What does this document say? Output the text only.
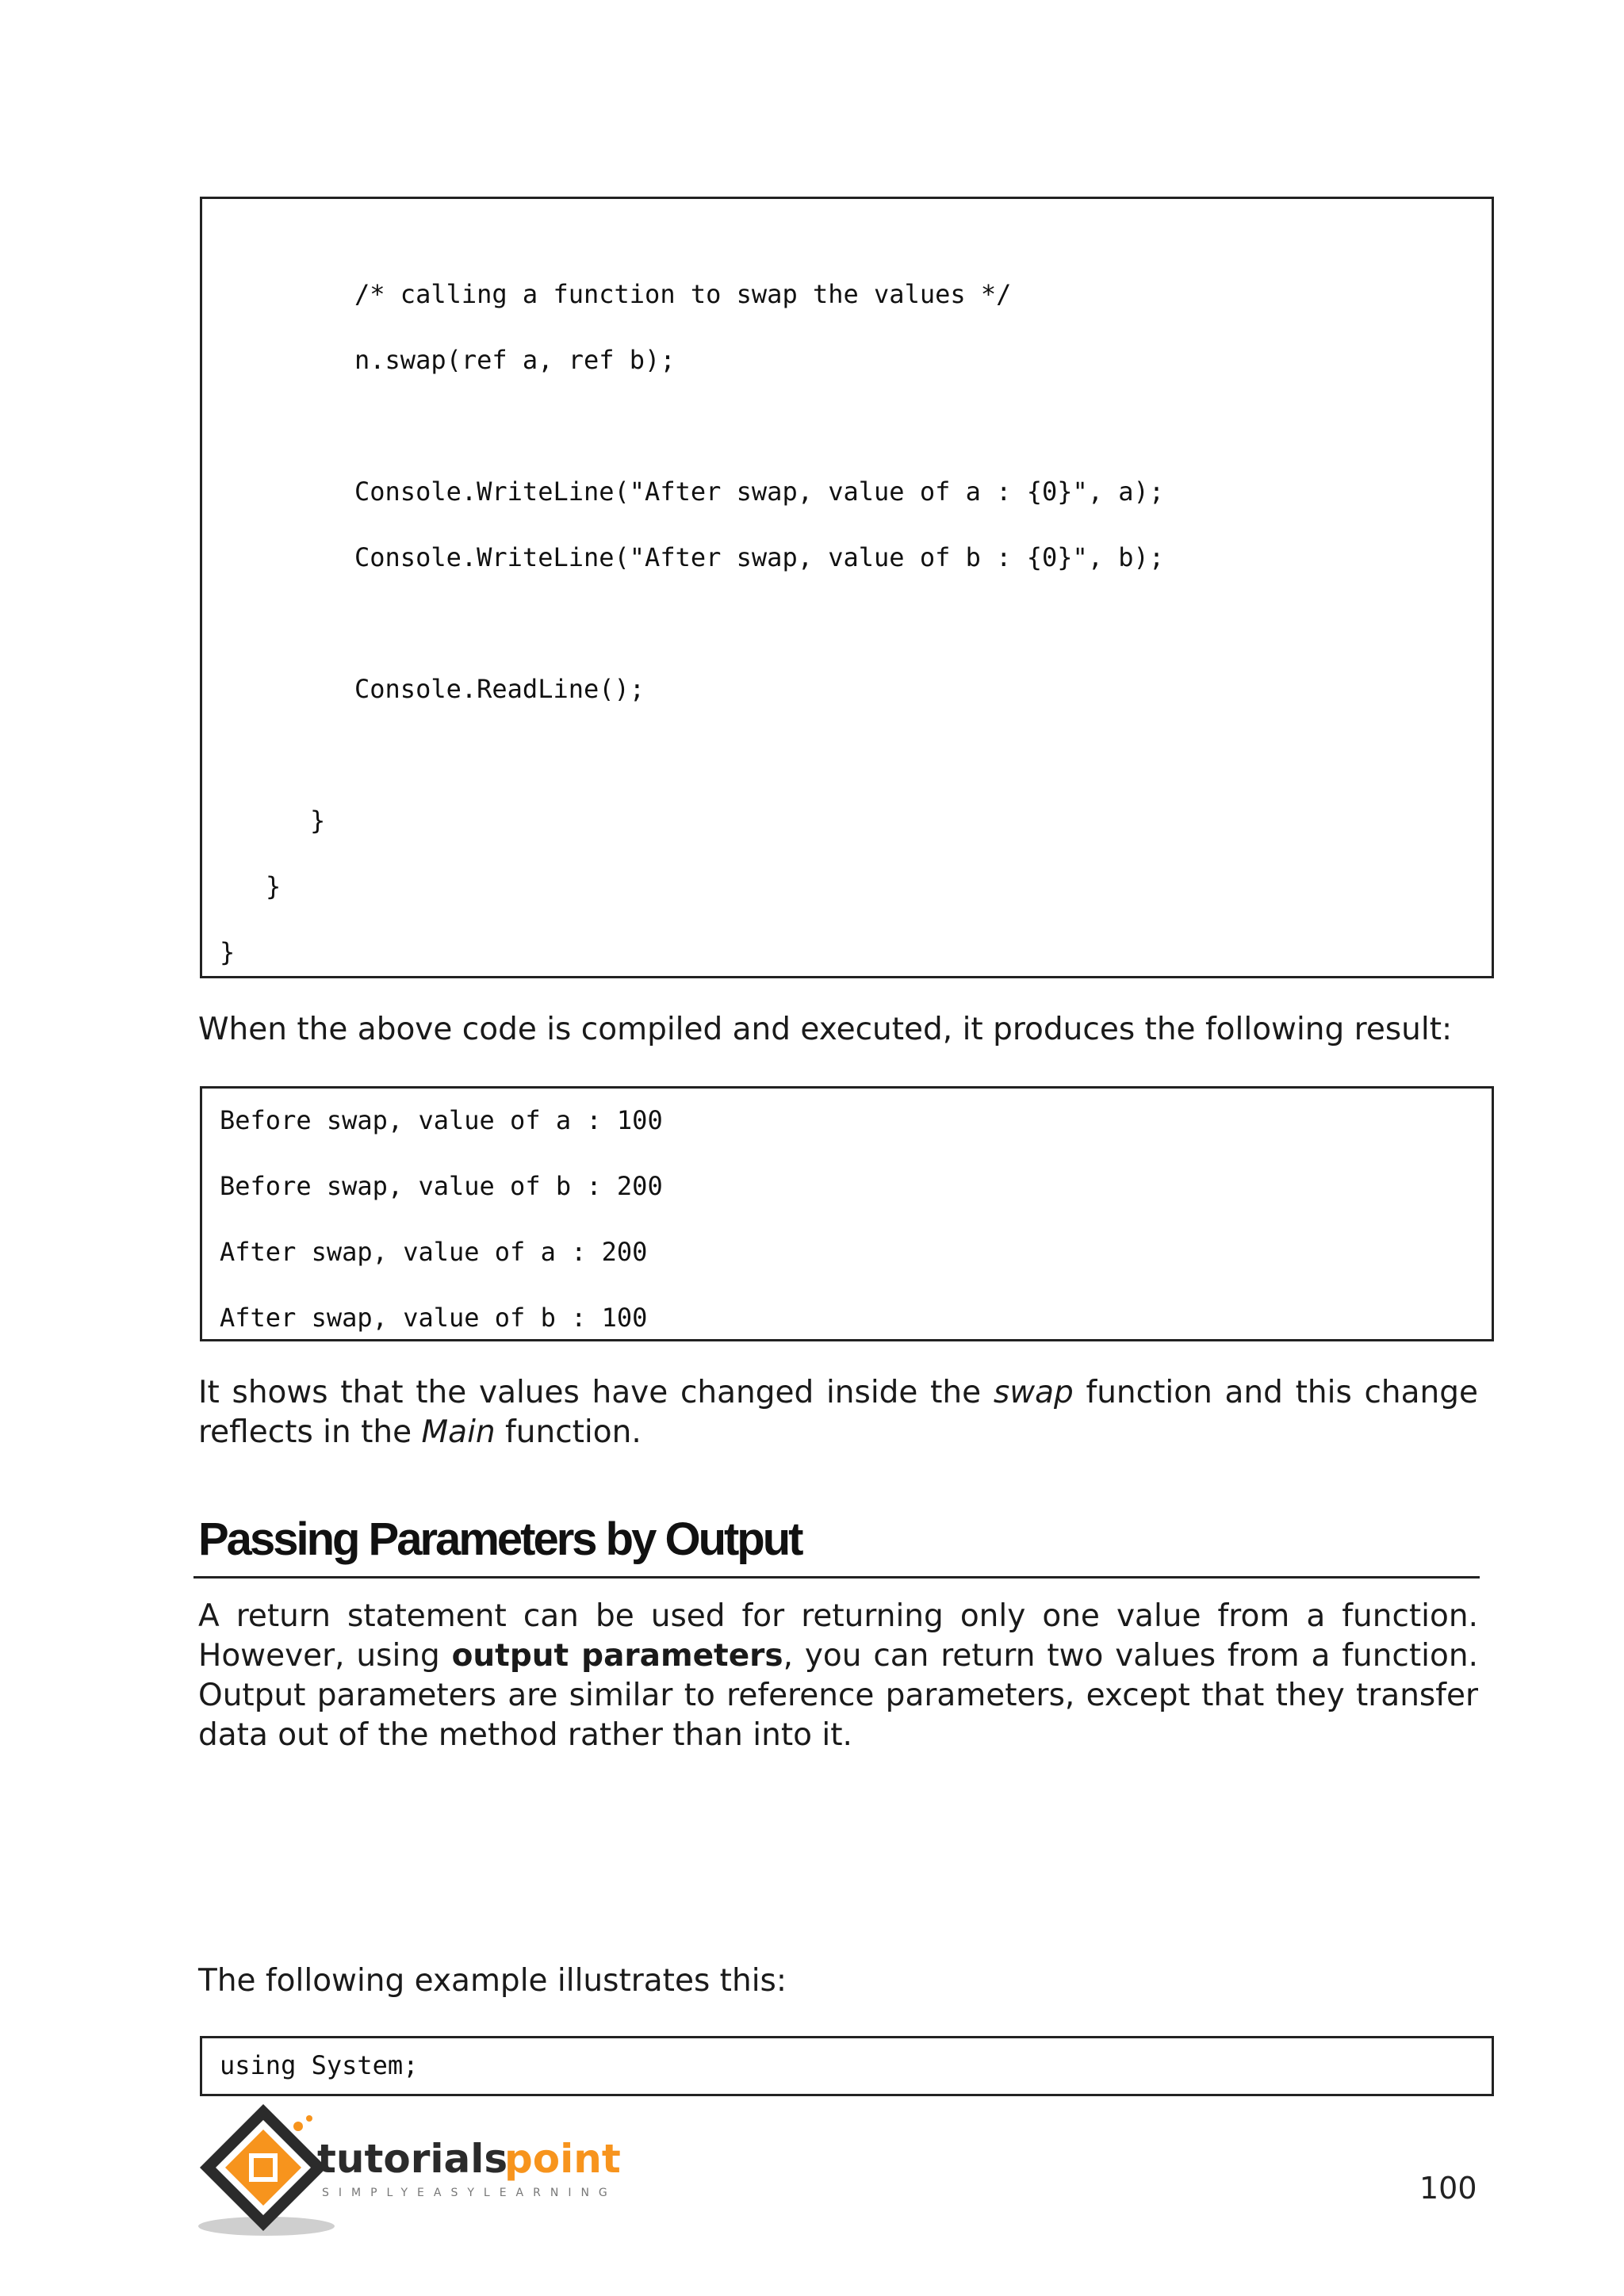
/* calling a function to swap the values */
n.swap(ref a, ref b);
Console.WriteLine("After swap, value of a : {0}", a);
Console.WriteLine("After swap, value of b : {0}", b);
Console.ReadLine();
}
}
}
When the above code is compiled and executed, it produces the following result:
Before swap, value of a : 100
Before swap, value of b : 200
After swap, value of a : 200
After swap, value of b : 100
It shows that the values have changed inside the swap function and this change reflects in the Main function.
Passing Parameters by Output
A return statement can be used for returning only one value from a function. However, using output parameters, you can return two values from a function. Output parameters are similar to reference parameters, except that they transfer data out of the method rather than into it.
The following example illustrates this:
using System;
tutorials
point
SIMPLYEASYLEARNING	100
